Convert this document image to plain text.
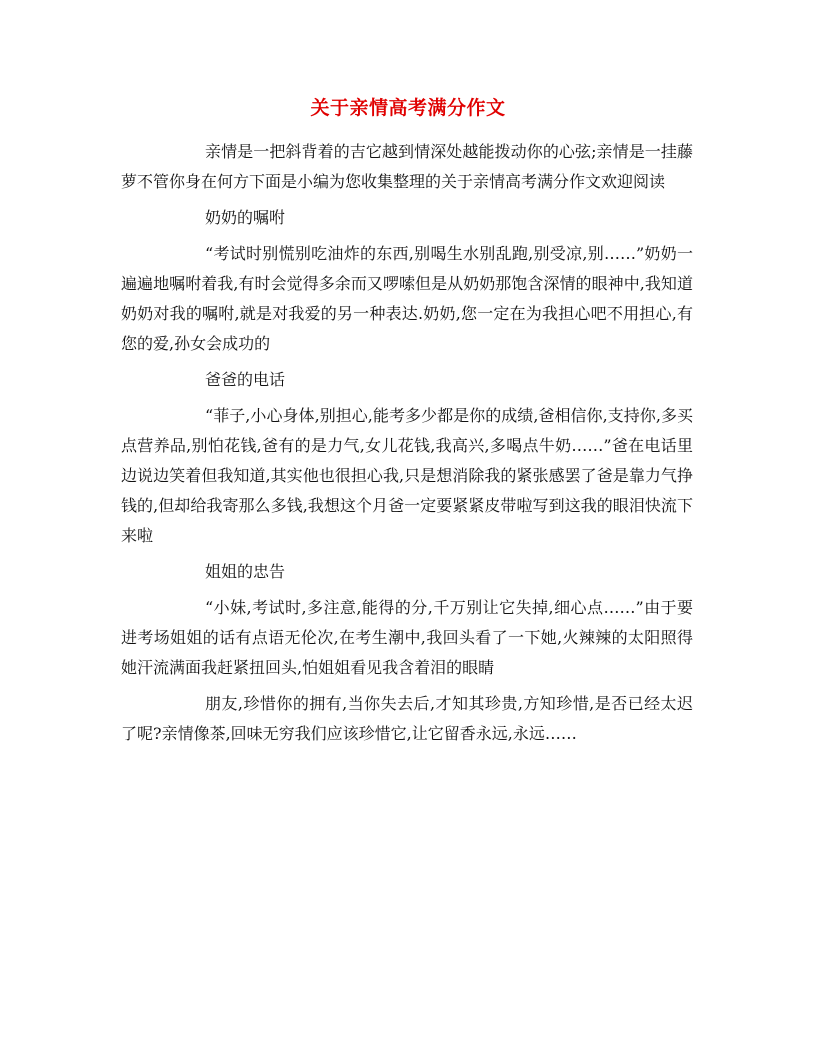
关于亲情高考满分作文

亲情是一把斜背着的吉它越到情深处越能拨动你的心弦;亲情是一挂藤萝不管你身在何方下面是小编为您收集整理的关于亲情高考满分作文欢迎阅读

奶奶的嘱咐

“考试时别慌别吃油炸的东西,别喝生水别乱跑,别受凉,别……”奶奶一遍遍地嘱咐着我,有时会觉得多余而又啰嗦但是从奶奶那饱含深情的眼神中,我知道奶奶对我的嘱咐,就是对我爱的另一种表达.奶奶,您一定在为我担心吧不用担心,有您的爱,孙女会成功的

爸爸的电话

“菲子,小心身体,别担心,能考多少都是你的成绩,爸相信你,支持你,多买点营养品,别怕花钱,爸有的是力气,女儿花钱,我高兴,多喝点牛奶……”爸在电话里边说边笑着但我知道,其实他也很担心我,只是想消除我的紧张感罢了爸是靠力气挣钱的,但却给我寄那么多钱,我想这个月爸一定要紧紧皮带啦写到这我的眼泪快流下来啦

姐姐的忠告

“小妹,考试时,多注意,能得的分,千万别让它失掉,细心点……”由于要进考场姐姐的话有点语无伦次,在考生潮中,我回头看了一下她,火辣辣的太阳照得她汗流满面我赶紧扭回头,怕姐姐看见我含着泪的眼睛

朋友,珍惜你的拥有,当你失去后,才知其珍贵,方知珍惜,是否已经太迟了呢?亲情像茶,回味无穷我们应该珍惜它,让它留香永远,永远……
